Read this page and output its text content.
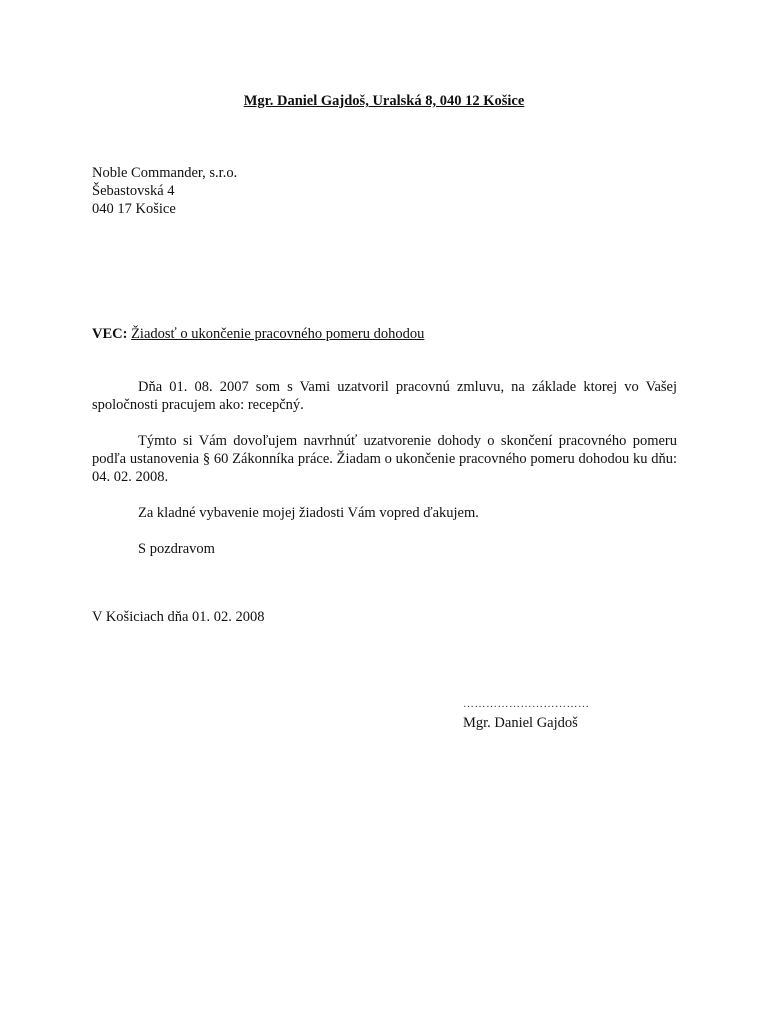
Mgr. Daniel Gajdoš, Uralská 8, 040 12 Košice
Noble Commander, s.r.o.
Šebastovská 4
040 17 Košice
VEC: Žiadosť o ukončenie pracovného pomeru dohodou

Dňa 01. 08. 2007 som s Vami uzatvoril pracovnú zmluvu, na základe ktorej vo Vašej spoločnosti pracujem ako: recepčný.

Týmto si Vám dovoľujem navrhnúť uzatvorenie dohody o skončení pracovného pomeru podľa ustanovenia § 60 Zákonníka práce. Žiadam o ukončenie pracovného pomeru dohodou ku dňu: 04. 02. 2008.

Za kladné vybavenie mojej žiadosti Vám vopred ďakujem.

S pozdravom

V Košiciach dňa 01. 02. 2008
……………………………
Mgr. Daniel Gajdoš
